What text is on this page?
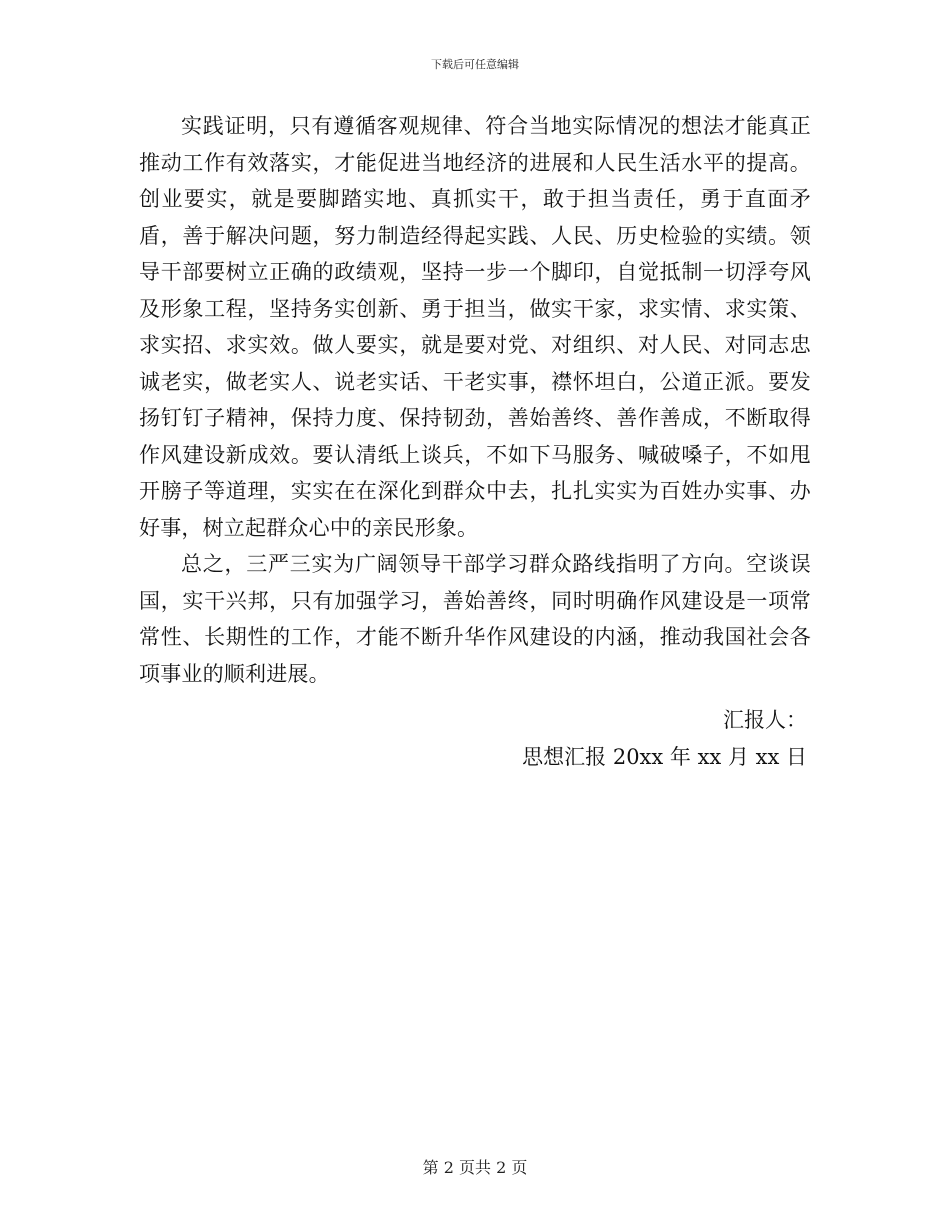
下载后可任意编辑

实践证明，只有遵循客观规律、符合当地实际情况的想法才能真正推动工作有效落实，才能促进当地经济的进展和人民生活水平的提高。创业要实，就是要脚踏实地、真抓实干，敢于担当责任，勇于直面矛盾，善于解决问题，努力制造经得起实践、人民、历史检验的实绩。领导干部要树立正确的政绩观，坚持一步一个脚印，自觉抵制一切浮夸风及形象工程，坚持务实创新、勇于担当，做实干家，求实情、求实策、求实招、求实效。做人要实，就是要对党、对组织、对人民、对同志忠诚老实，做老实人、说老实话、干老实事，襟怀坦白，公道正派。要发扬钉钉子精神，保持力度、保持韧劲，善始善终、善作善成，不断取得作风建设新成效。要认清纸上谈兵，不如下马服务、喊破嗓子，不如甩开膀子等道理，实实在在深化到群众中去，扎扎实实为百姓办实事、办好事，树立起群众心中的亲民形象。

总之，三严三实为广阔领导干部学习群众路线指明了方向。空谈误国，实干兴邦，只有加强学习，善始善终，同时明确作风建设是一项常常性、长期性的工作，才能不断升华作风建设的内涵，推动我国社会各项事业的顺利进展。

汇报人：
思想汇报 20xx 年 xx 月 xx 日
第 2 页共 2 页
